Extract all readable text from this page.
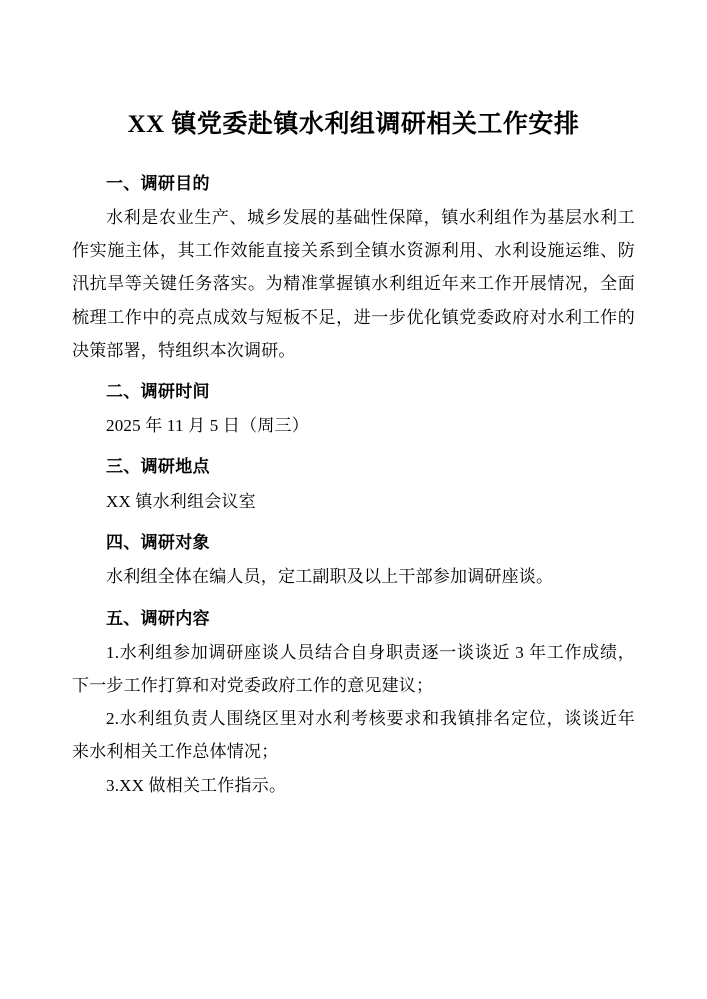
XX 镇党委赴镇水利组调研相关工作安排
一、调研目的

水利是农业生产、城乡发展的基础性保障，镇水利组作为基层水利工作实施主体，其工作效能直接关系到全镇水资源利用、水利设施运维、防汛抗旱等关键任务落实。为精准掌握镇水利组近年来工作开展情况，全面梳理工作中的亮点成效与短板不足，进一步优化镇党委政府对水利工作的决策部署，特组织本次调研。

二、调研时间

2025 年 11 月 5 日（周三）

三、调研地点

XX 镇水利组会议室

四、调研对象

水利组全体在编人员，定工副职及以上干部参加调研座谈。

五、调研内容

1.水利组参加调研座谈人员结合自身职责逐一谈谈近 3 年工作成绩，下一步工作打算和对党委政府工作的意见建议；

2.水利组负责人围绕区里对水利考核要求和我镇排名定位，谈谈近年来水利相关工作总体情况；

3.XX 做相关工作指示。
